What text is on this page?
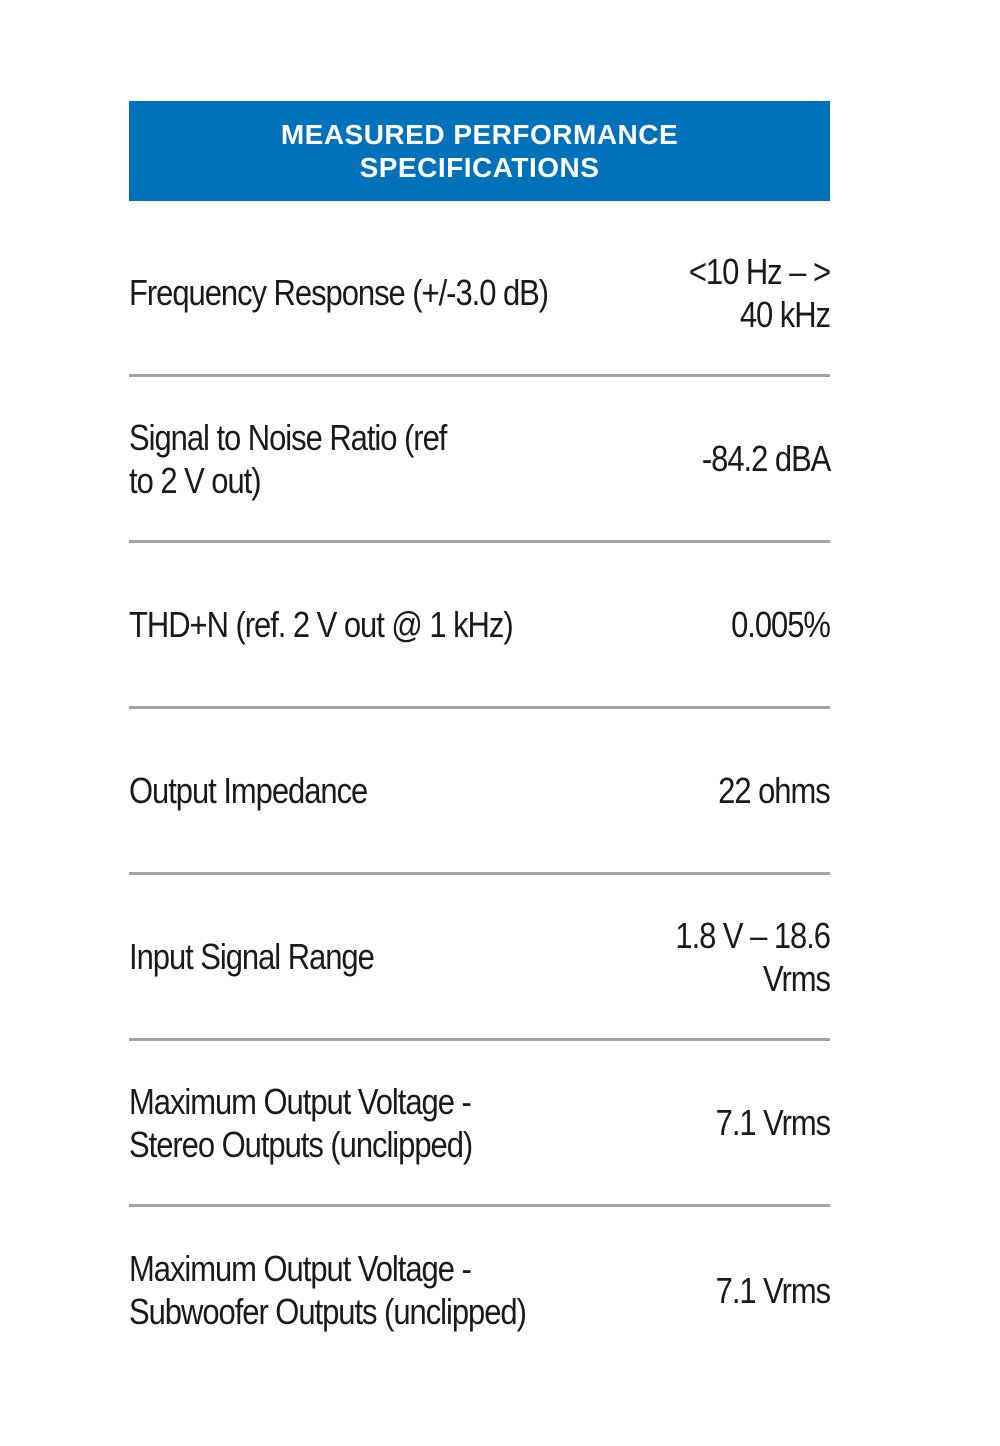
MEASURED PERFORMANCE SPECIFICATIONS
Frequency Response (+/-3.0 dB)
<10 Hz – > 40 kHz
Signal to Noise Ratio (ref to 2 V out)
-84.2 dBA
THD+N (ref. 2 V out @ 1 kHz)	0.005%
Output Impedance	22 ohms
Input Signal Range
1.8 V – 18.6 Vrms
Maximum Output Voltage - Stereo Outputs (unclipped)
7.1 Vrms
Maximum Output Voltage - Subwoofer Outputs (unclipped)
7.1 Vrms
